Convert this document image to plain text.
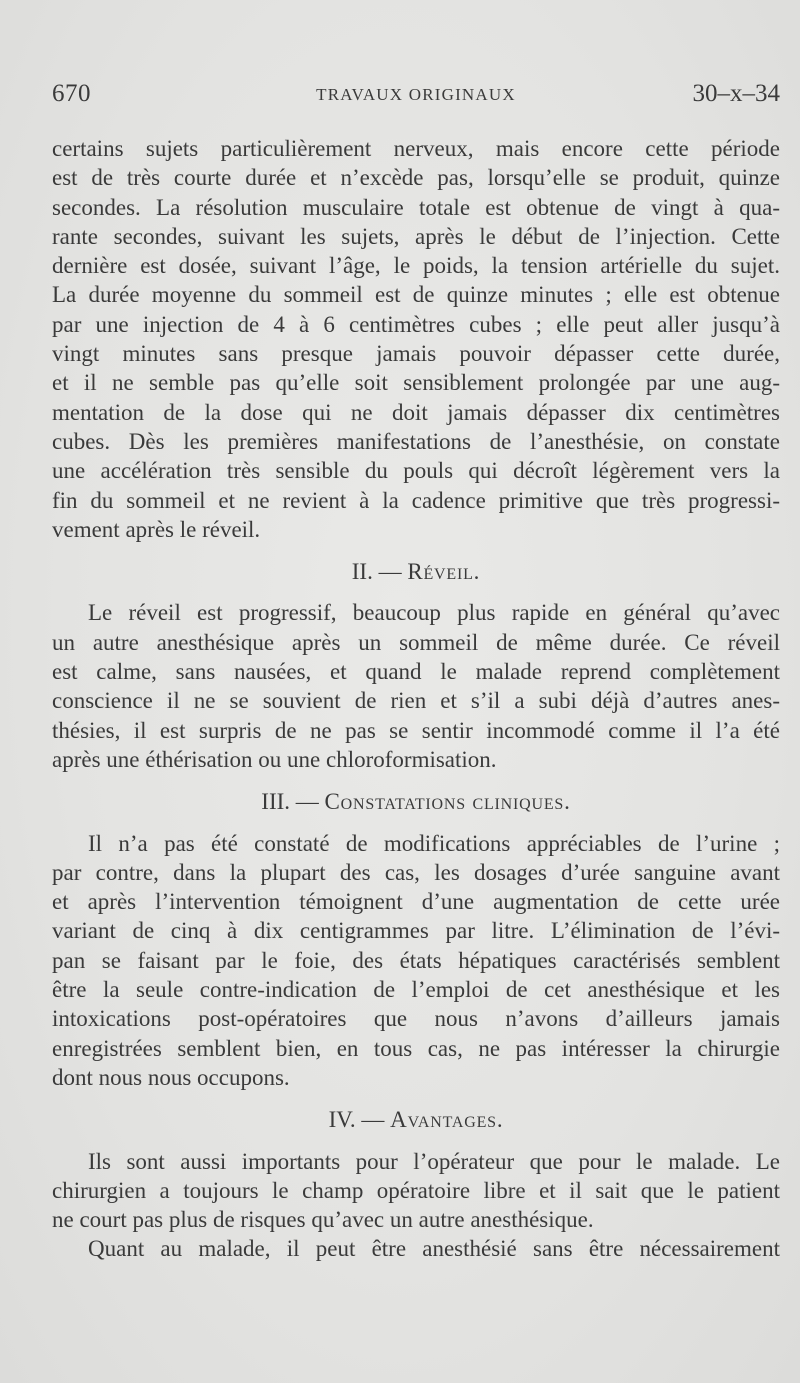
670	TRAVAUX ORIGINAUX	30–x–34
certains sujets particulièrement nerveux, mais encore cette période
est de très courte durée et n’excède pas, lorsqu’elle se produit, quinze
secondes. La résolution musculaire totale est obtenue de vingt à qua-
rante secondes, suivant les sujets, après le début de l’injection. Cette
dernière est dosée, suivant l’âge, le poids, la tension artérielle du sujet.
La durée moyenne du sommeil est de quinze minutes ; elle est obtenue
par une injection de 4 à 6 centimètres cubes ; elle peut aller jusqu’à
vingt minutes sans presque jamais pouvoir dépasser cette durée,
et il ne semble pas qu’elle soit sensiblement prolongée par une aug-
mentation de la dose qui ne doit jamais dépasser dix centimètres
cubes. Dès les premières manifestations de l’anesthésie, on constate
une accélération très sensible du pouls qui décroît légèrement vers la
fin du sommeil et ne revient à la cadence primitive que très progressi-
vement après le réveil.
II. — Réveil.
Le réveil est progressif, beaucoup plus rapide en général qu’avec
un autre anesthésique après un sommeil de même durée. Ce réveil
est calme, sans nausées, et quand le malade reprend complètement
conscience il ne se souvient de rien et s’il a subi déjà d’autres anes-
thésies, il est surpris de ne pas se sentir incommodé comme il l’a été
après une éthérisation ou une chloroformisation.
III. — Constatations cliniques.
Il n’a pas été constaté de modifications appréciables de l’urine ;
par contre, dans la plupart des cas, les dosages d’urée sanguine avant
et après l’intervention témoignent d’une augmentation de cette urée
variant de cinq à dix centigrammes par litre. L’élimination de l’évi-
pan se faisant par le foie, des états hépatiques caractérisés semblent
être la seule contre-indication de l’emploi de cet anesthésique et les
intoxications post-opératoires que nous n’avons d’ailleurs jamais
enregistrées semblent bien, en tous cas, ne pas intéresser la chirurgie
dont nous nous occupons.
IV. — Avantages.
Ils sont aussi importants pour l’opérateur que pour le malade. Le
chirurgien a toujours le champ opératoire libre et il sait que le patient
ne court pas plus de risques qu’avec un autre anesthésique.
Quant au malade, il peut être anesthésié sans être nécessairement
